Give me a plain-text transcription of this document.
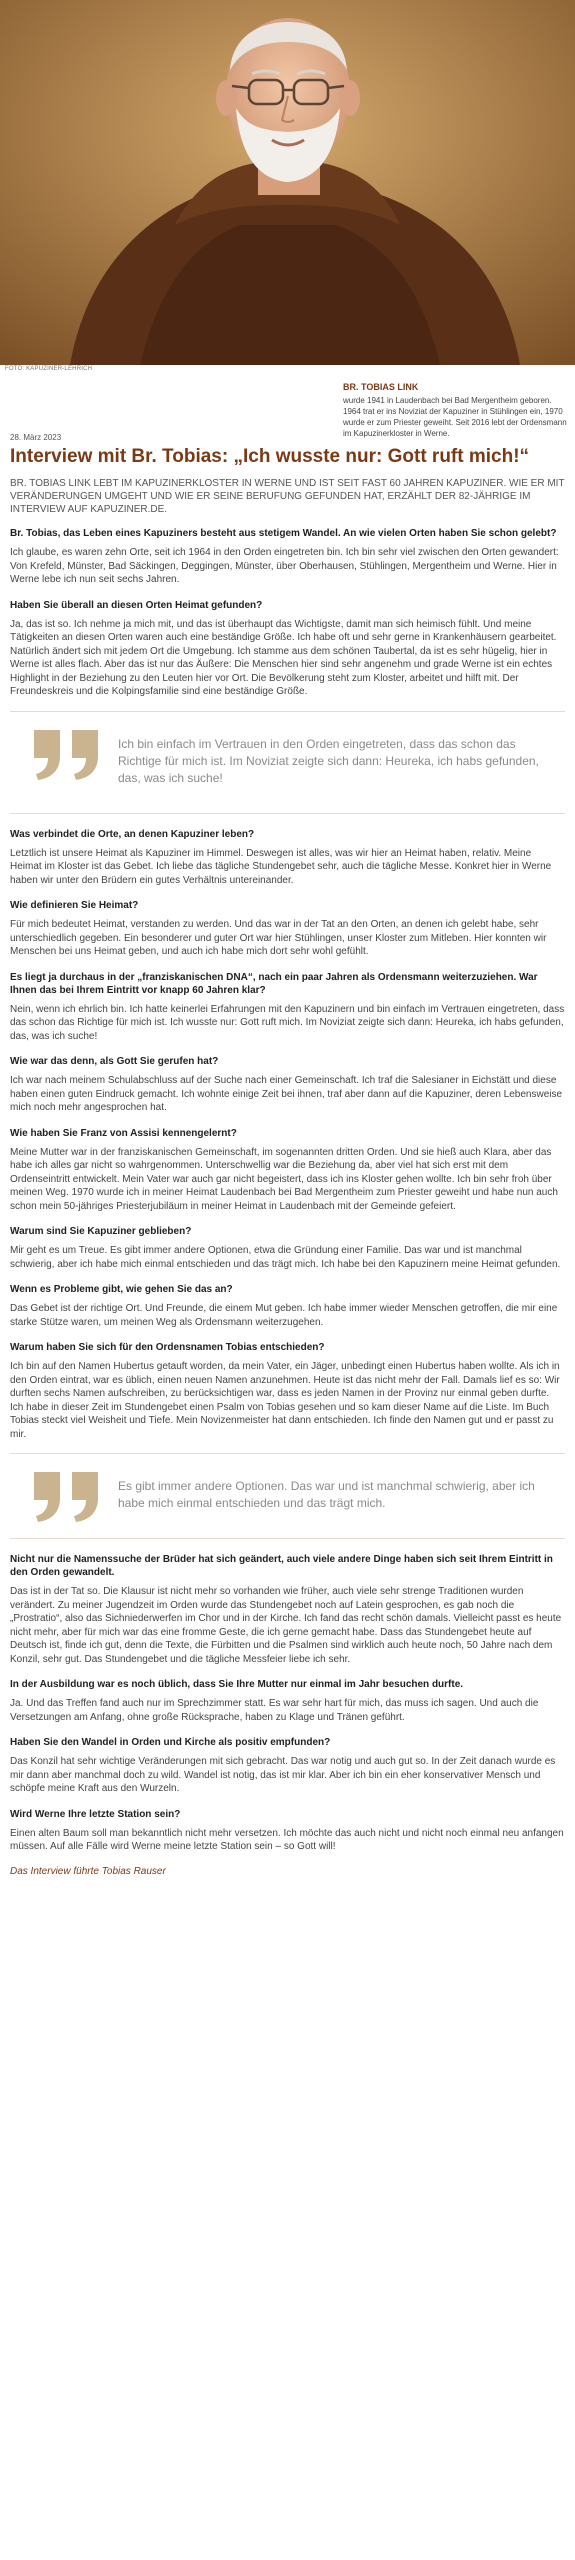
FOTO: KAPUZINER-LEHRICH
BR. TOBIAS LINK
wurde 1941 in Laudenbach bei Bad Mergentheim geboren. 1964 trat er ins Noviziat der Kapuziner in Stühlingen ein, 1970 wurde er zum Priester geweiht. Seit 2016 lebt der Ordensmann im Kapuzinerkloster in Werne.
28. März 2023
Interview mit Br. Tobias: „Ich wusste nur: Gott ruft mich!“

BR. TOBIAS LINK LEBT IM KAPUZINERKLOSTER IN WERNE UND IST SEIT FAST 60 JAHREN KAPUZINER. WIE ER MIT VERÄNDERUNGEN UMGEHT UND WIE ER SEINE BERUFUNG GEFUNDEN HAT, ERZÄHLT DER 82-JÄHRIGE IM INTERVIEW AUF KAPUZINER.DE.

Br. Tobias, das Leben eines Kapuziners besteht aus stetigem Wandel. An wie vielen Orten haben Sie schon gelebt?

Ich glaube, es waren zehn Orte, seit ich 1964 in den Orden eingetreten bin. Ich bin sehr viel zwischen den Orten gewandert: Von Krefeld, Münster, Bad Säckingen, Deggingen, Münster, über Oberhausen, Stühlingen, Mergentheim und Werne. Hier in Werne lebe ich nun seit sechs Jahren.

Haben Sie überall an diesen Orten Heimat gefunden?

Ja, das ist so. Ich nehme ja mich mit, und das ist überhaupt das Wichtigste, damit man sich heimisch fühlt. Und meine Tätigkeiten an diesen Orten waren auch eine beständige Größe. Ich habe oft und sehr gerne in Krankenhäusern gearbeitet. Natürlich ändert sich mit jedem Ort die Umgebung. Ich stamme aus dem schönen Taubertal, da ist es sehr hügelig, hier in Werne ist alles flach. Aber das ist nur das Äußere: Die Menschen hier sind sehr angenehm und grade Werne ist ein echtes Highlight in der Beziehung zu den Leuten hier vor Ort. Die Bevölkerung steht zum Kloster, arbeitet und hilft mit. Der Freundeskreis und die Kolpingsfamilie sind eine beständige Größe.

Ich bin einfach im Vertrauen in den Orden eingetreten, dass das schon das Richtige für mich ist. Im Noviziat zeigte sich dann: Heureka, ich habs gefunden, das, was ich suche!

Was verbindet die Orte, an denen Kapuziner leben?

Letztlich ist unsere Heimat als Kapuziner im Himmel. Deswegen ist alles, was wir hier an Heimat haben, relativ. Meine Heimat im Kloster ist das Gebet. Ich liebe das tägliche Stundengebet sehr, auch die tägliche Messe. Konkret hier in Werne haben wir unter den Brüdern ein gutes Verhältnis untereinander.

Wie definieren Sie Heimat?

Für mich bedeutet Heimat, verstanden zu werden. Und das war in der Tat an den Orten, an denen ich gelebt habe, sehr unterschiedlich gegeben. Ein besonderer und guter Ort war hier Stühlingen, unser Kloster zum Mitleben. Hier konnten wir Menschen bei uns Heimat geben, und auch ich habe mich dort sehr wohl gefühlt.

Es liegt ja durchaus in der „franziskanischen DNA“, nach ein paar Jahren als Ordensmann weiterzuziehen. War Ihnen das bei Ihrem Eintritt vor knapp 60 Jahren klar?

Nein, wenn ich ehrlich bin. Ich hatte keinerlei Erfahrungen mit den Kapuzinern und bin einfach im Vertrauen eingetreten, dass das schon das Richtige für mich ist. Ich wusste nur: Gott ruft mich. Im Noviziat zeigte sich dann: Heureka, ich habs gefunden, das, was ich suche!

Wie war das denn, als Gott Sie gerufen hat?

Ich war nach meinem Schulabschluss auf der Suche nach einer Gemeinschaft. Ich traf die Salesianer in Eichstätt und diese haben einen guten Eindruck gemacht. Ich wohnte einige Zeit bei ihnen, traf aber dann auf die Kapuziner, deren Lebensweise mich noch mehr angesprochen hat.

Wie haben Sie Franz von Assisi kennengelernt?

Meine Mutter war in der franziskanischen Gemeinschaft, im sogenannten dritten Orden. Und sie hieß auch Klara, aber das habe ich alles gar nicht so wahrgenommen. Unterschwellig war die Beziehung da, aber viel hat sich erst mit dem Ordenseintritt entwickelt. Mein Vater war auch gar nicht begeistert, dass ich ins Kloster gehen wollte. Ich bin sehr froh über meinen Weg. 1970 wurde ich in meiner Heimat Laudenbach bei Bad Mergentheim zum Priester geweiht und habe nun auch schon mein 50-jähriges Priesterjubiläum in meiner Heimat in Laudenbach mit der Gemeinde gefeiert.

Warum sind Sie Kapuziner geblieben?

Mir geht es um Treue. Es gibt immer andere Optionen, etwa die Gründung einer Familie. Das war und ist manchmal schwierig, aber ich habe mich einmal entschieden und das trägt mich. Ich habe bei den Kapuzinern meine Heimat gefunden.

Wenn es Probleme gibt, wie gehen Sie das an?

Das Gebet ist der richtige Ort. Und Freunde, die einem Mut geben. Ich habe immer wieder Menschen getroffen, die mir eine starke Stütze waren, um meinen Weg als Ordensmann weiterzugehen.

Warum haben Sie sich für den Ordensnamen Tobias entschieden?

Ich bin auf den Namen Hubertus getauft worden, da mein Vater, ein Jäger, unbedingt einen Hubertus haben wollte. Als ich in den Orden eintrat, war es üblich, einen neuen Namen anzunehmen. Heute ist das nicht mehr der Fall. Damals lief es so: Wir durften sechs Namen aufschreiben, zu berücksichtigen war, dass es jeden Namen in der Provinz nur einmal geben durfte. Ich habe in dieser Zeit im Stundengebet einen Psalm von Tobias gesehen und so kam dieser Name auf die Liste. Im Buch Tobias steckt viel Weisheit und Tiefe. Mein Novizenmeister hat dann entschieden. Ich finde den Namen gut und er passt zu mir.

Es gibt immer andere Optionen. Das war und ist manchmal schwierig, aber ich habe mich einmal entschieden und das trägt mich.

Nicht nur die Namenssuche der Brüder hat sich geändert, auch viele andere Dinge haben sich seit Ihrem Eintritt in den Orden gewandelt.

Das ist in der Tat so. Die Klausur ist nicht mehr so vorhanden wie früher, auch viele sehr strenge Traditionen wurden verändert. Zu meiner Jugendzeit im Orden wurde das Stundengebet noch auf Latein gesprochen, es gab noch die „Prostratio“, also das Sichniederwerfen im Chor und in der Kirche. Ich fand das recht schön damals. Vielleicht passt es heute nicht mehr, aber für mich war das eine fromme Geste, die ich gerne gemacht habe. Dass das Stundengebet heute auf Deutsch ist, finde ich gut, denn die Texte, die Fürbitten und die Psalmen sind wirklich auch heute noch, 50 Jahre nach dem Konzil, sehr gut. Das Stundengebet und die tägliche Messfeier liebe ich sehr.

In der Ausbildung war es noch üblich, dass Sie Ihre Mutter nur einmal im Jahr besuchen durfte.

Ja. Und das Treffen fand auch nur im Sprechzimmer statt. Es war sehr hart für mich, das muss ich sagen. Und auch die Versetzungen am Anfang, ohne große Rücksprache, haben zu Klage und Tränen geführt.

Haben Sie den Wandel in Orden und Kirche als positiv empfunden?

Das Konzil hat sehr wichtige Veränderungen mit sich gebracht. Das war notig und auch gut so. In der Zeit danach wurde es mir dann aber manchmal doch zu wild. Wandel ist notig, das ist mir klar. Aber ich bin ein eher konservativer Mensch und schöpfe meine Kraft aus den Wurzeln.

Wird Werne Ihre letzte Station sein?

Einen alten Baum soll man bekanntlich nicht mehr versetzen. Ich möchte das auch nicht und nicht noch einmal neu anfangen müssen. Auf alle Fälle wird Werne meine letzte Station sein – so Gott will!

Das Interview führte Tobias Rauser
